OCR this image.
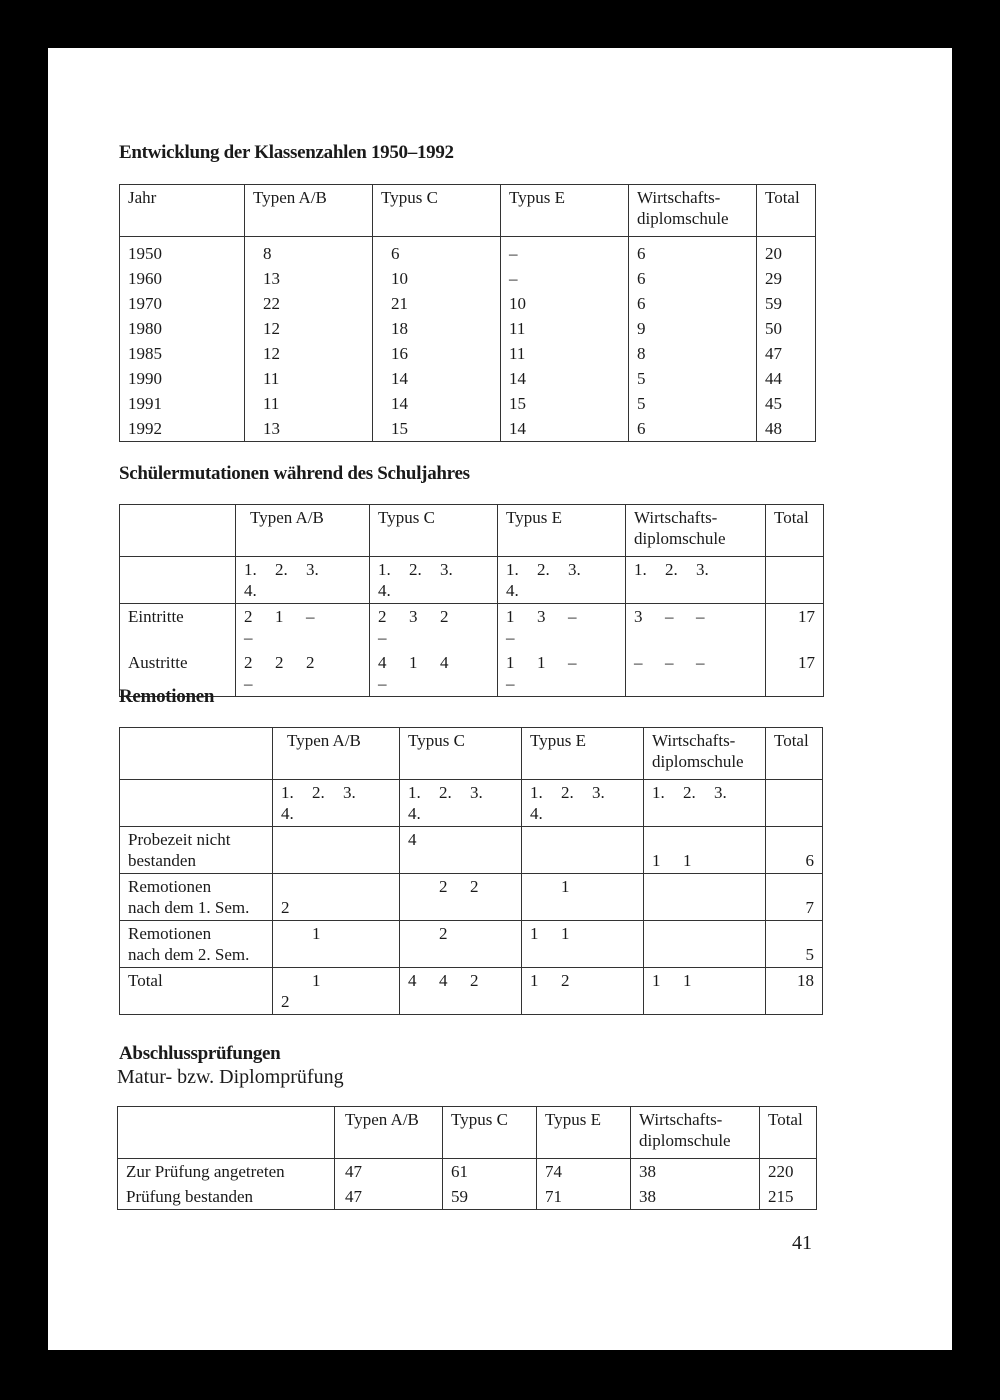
Entwicklung der Klassenzahlen 1950–1992
Jahr	Typen A/B	Typus C	Typus E	Wirtschafts-
diplomschule	Total
1950	8	6	–	6	20
1960	13	10	–	6	29
1970	22	21	10	6	59
1980	12	18	11	9	50
1985	12	16	11	8	47
1990	11	14	14	5	44
1991	11	14	15	5	45
1992	13	15	14	6	48
Schülermutationen während des Schuljahres
	Typen A/B	Typus C	Typus E	Wirtschafts-
diplomschule	Total
	1. 2. 3.4.	1. 2. 3.4.	1. 2. 3.4.	1. 2. 3.	
Eintritte	2 1 ––	2 3 2–	1 3 ––	3 – –	17
Austritte	2 2 2–	4 1 4–	1 1 ––	– – –	17
Remotionen
	Typen A/B	Typus C	Typus E	Wirtschafts-
diplomschule	Total
	1. 2. 3.4.	1. 2. 3.4.	1. 2. 3.4.	1. 2. 3.	
Probezeit nicht
bestanden		4		1 1	6
Remotionen
nach dem 1. Sem.	2	2 2	1		7
Remotionen
nach dem 2. Sem.	1	2	1 1		5
Total	12	4 4 2	1 2	1 1	18
Abschlussprüfungen
Matur- bzw. Diplomprüfung
	Typen A/B	Typus C	Typus E	Wirtschafts-
diplomschule	Total
Zur Prüfung angetreten	47	61	74	38	220
Prüfung bestanden	47	59	71	38	215
41
